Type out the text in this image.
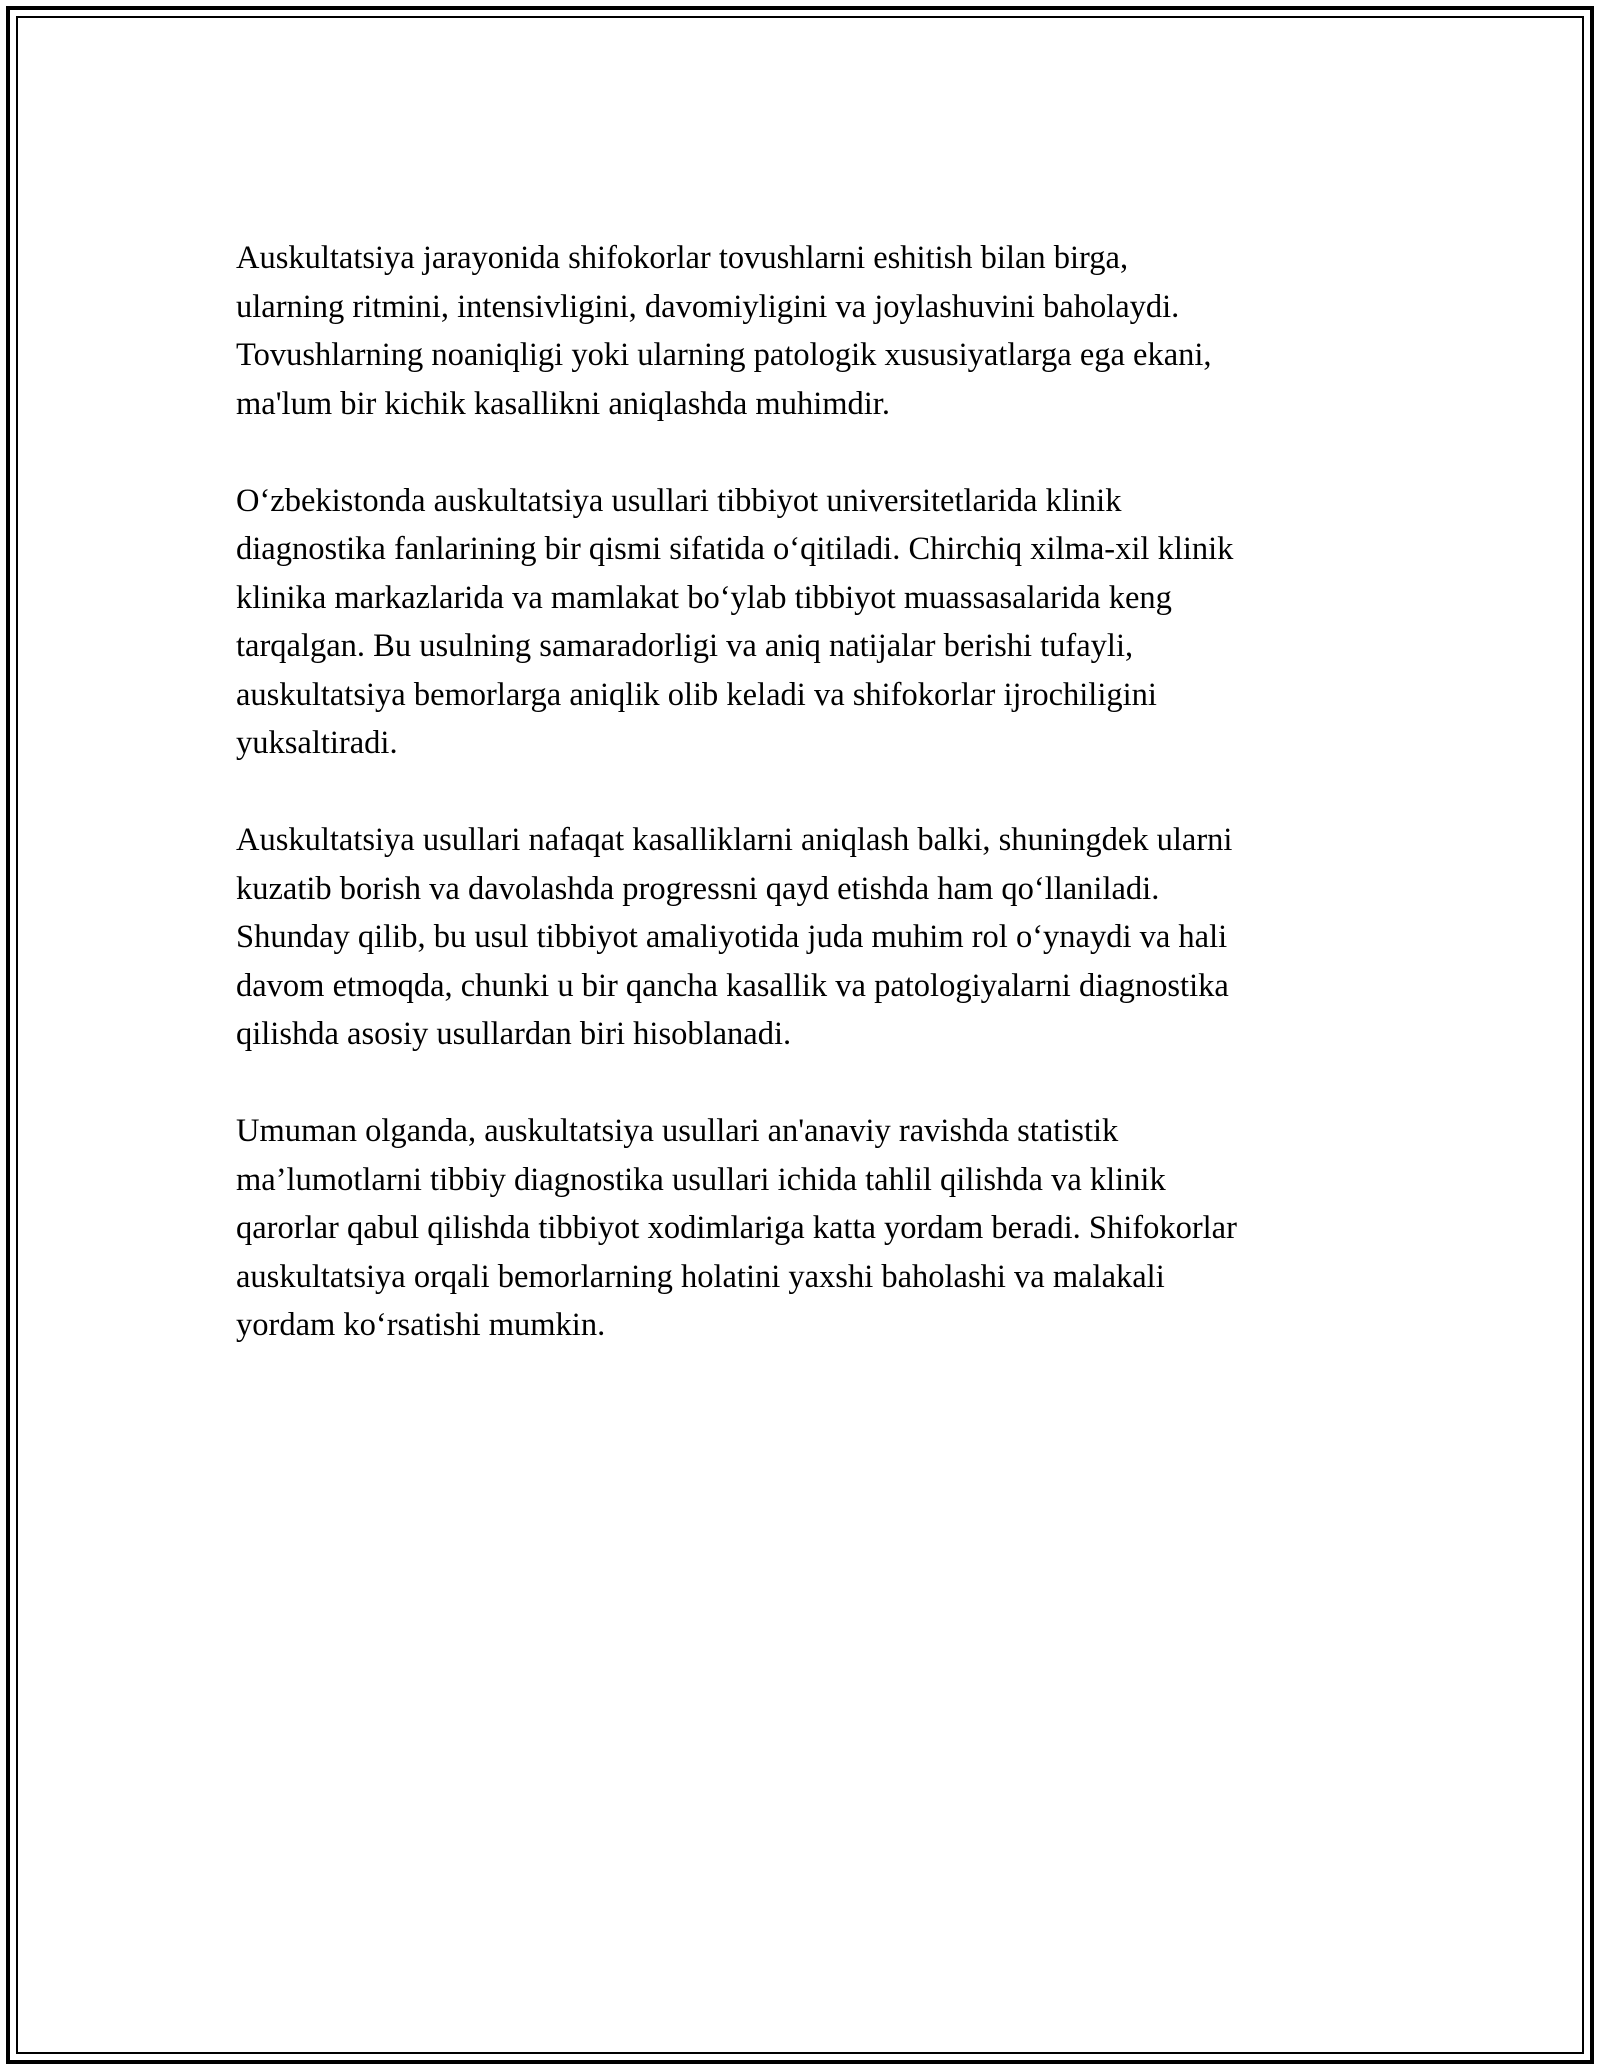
Auskultatsiya jarayonida shifokorlar tovushlarni eshitish bilan birga,
ularning ritmini, intensivligini, davomiyligini va joylashuvini baholaydi.
Tovushlarning noaniqligi yoki ularning patologik xususiyatlarga ega ekani,
ma'lum bir kichik kasallikni aniqlashda muhimdir.

O‘zbekistonda auskultatsiya usullari tibbiyot universitetlarida klinik
diagnostika fanlarining bir qismi sifatida o‘qitiladi. Chirchiq xilma-xil klinik
klinika markazlarida va mamlakat bo‘ylab tibbiyot muassasalarida keng
tarqalgan. Bu usulning samaradorligi va aniq natijalar berishi tufayli,
auskultatsiya bemorlarga aniqlik olib keladi va shifokorlar ijrochiligini
yuksaltiradi.

Auskultatsiya usullari nafaqat kasalliklarni aniqlash balki, shuningdek ularni
kuzatib borish va davolashda progressni qayd etishda ham qo‘llaniladi.
Shunday qilib, bu usul tibbiyot amaliyotida juda muhim rol o‘ynaydi va hali
davom etmoqda, chunki u bir qancha kasallik va patologiyalarni diagnostika
qilishda asosiy usullardan biri hisoblanadi.

Umuman olganda, auskultatsiya usullari an'anaviy ravishda statistik
ma’lumotlarni tibbiy diagnostika usullari ichida tahlil qilishda va klinik
qarorlar qabul qilishda tibbiyot xodimlariga katta yordam beradi. Shifokorlar
auskultatsiya orqali bemorlarning holatini yaxshi baholashi va malakali
yordam ko‘rsatishi mumkin.
